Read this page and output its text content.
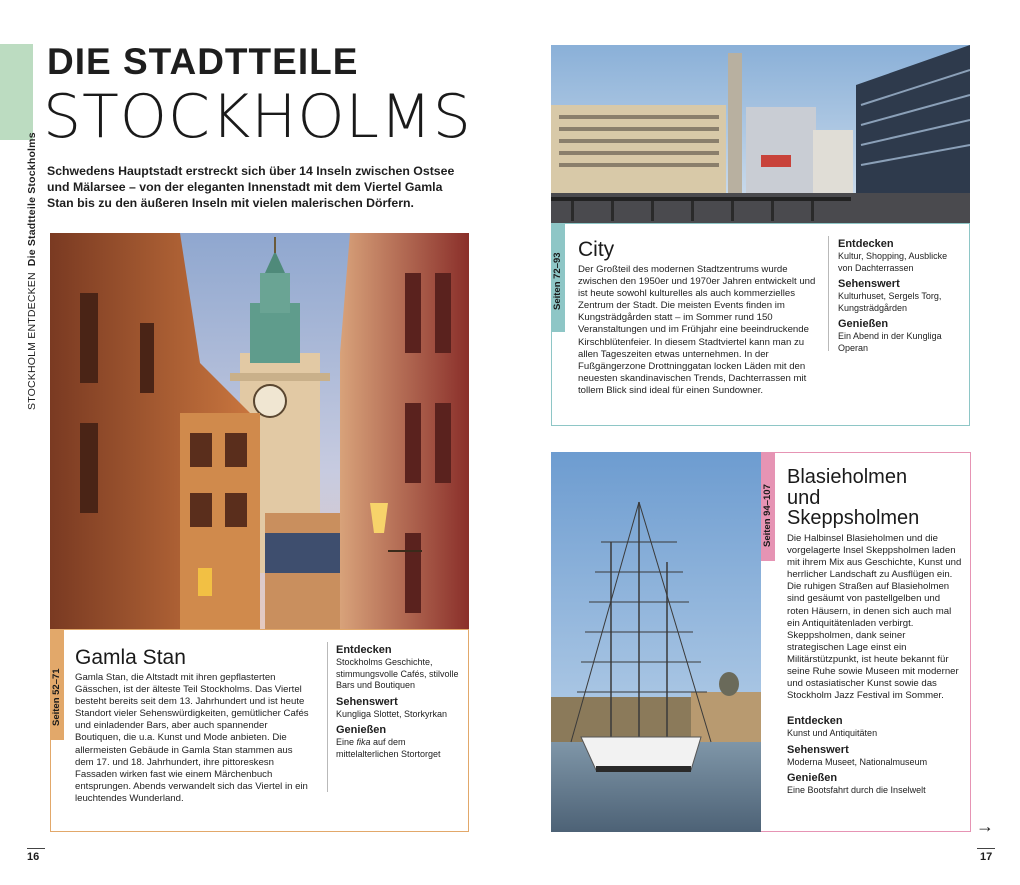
STOCKHOLM ENTDECKENDie Stadtteile Stockholms
DIE STADTTEILE
STOCKHOLMS
Schwedens Hauptstadt erstreckt sich über 14 Inseln zwischen Ostsee und Mälarsee – von der eleganten Innenstadt mit dem Viertel Gamla Stan bis zu den äußeren Inseln mit vielen malerischen Dörfern.
Seiten 52–71
Gamla Stan
Gamla Stan, die Altstadt mit ihren gepflasterten Gässchen, ist der älteste Teil Stockholms. Das Viertel besteht bereits seit dem 13. Jahrhundert und ist heute Standort vieler Sehenswürdigkeiten, gemütlicher Cafés und einladender Bars, aber auch spannender Boutiquen, die u.a. Kunst und Mode anbieten. Die allermeisten Gebäude in Gamla Stan stammen aus dem 17. und 18. Jahrhundert, ihre pittoreskesn Fassaden wirken fast wie einem Märchenbuch entsprungen. Abends verwandelt sich das Viertel in ein leuchtendes Wunderland.
Entdecken
Stockholms Geschichte, stimmungsvolle Cafés, stilvolle Bars und Boutiquen
Sehenswert
Kungliga Slottet, Storkyrkan
Genießen
Eine fika auf dem mittelalterlichen Stortorget
Seiten 72–93
City
Der Großteil des modernen Stadtzentrums wurde zwischen den 1950er und 1970er Jahren entwickelt und ist heute sowohl kulturelles als auch kommerzielles Zentrum der Stadt. Die meisten Events finden im Kungsträdgården statt – im Sommer rund 150 Veranstaltungen und im Frühjahr eine beeindruckende Kirschblütenfeier. In diesem Stadtviertel kann man zu allen Tageszeiten etwas unternehmen. In der Fußgängerzone Drottninggatan locken Läden mit den neuesten skandinavischen Trends, Dachterrassen mit tollem Blick sind ideal für einen Sundowner.
Entdecken
Kultur, Shopping, Ausblicke von Dachterrassen
Sehenswert
Kulturhuset, Sergels Torg, Kungsträdgården
Genießen
Ein Abend in der Kungliga Operan
Seiten 94–107
Blasieholmen
und
Skeppsholmen
Die Halbinsel Blasieholmen und die vorgelagerte Insel Skeppsholmen laden mit ihrem Mix aus Geschichte, Kunst und herrlicher Landschaft zu Ausflügen ein. Die ruhigen Straßen auf Blasieholmen sind gesäumt von pastellgelben und roten Häusern, in denen sich auch mal ein Antiquitätenladen verbirgt. Skeppsholmen, dank seiner strategischen Lage einst ein Militärstützpunkt, ist heute bekannt für seine Ruhe sowie Museen mit moderner und ostasiatischer Kunst sowie das Stockholm Jazz Festival im Sommer.
Entdecken
Kunst und Antiquitäten
Sehenswert
Moderna Museet, Nationalmuseum
Genießen
Eine Bootsfahrt durch die Inselwelt
16	17
→
